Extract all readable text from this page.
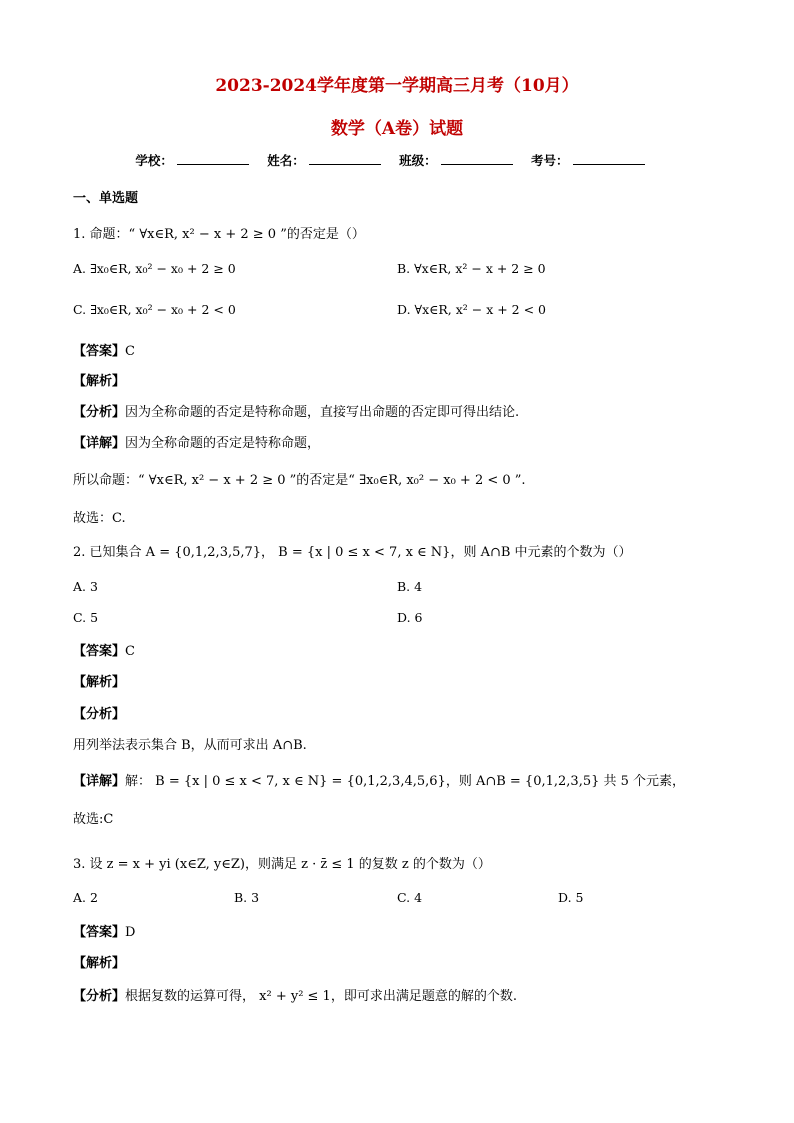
2023-2024学年度第一学期高三月考（10月）
数学（A卷）试题
学校：	姓名：	班级：	考号：
一、单选题
1. 命题：“ ∀x∈R, x² − x + 2 ≥ 0 ”的否定是（）
A. ∃x₀∈R, x₀² − x₀ + 2 ≥ 0	B. ∀x∈R, x² − x + 2 ≥ 0
C. ∃x₀∈R, x₀² − x₀ + 2 < 0	D. ∀x∈R, x² − x + 2 < 0
【答案】C
【解析】
【分析】因为全称命题的否定是特称命题，直接写出命题的否定即可得出结论.
【详解】因为全称命题的否定是特称命题，
所以命题：“ ∀x∈R, x² − x + 2 ≥ 0 ”的否定是“ ∃x₀∈R, x₀² − x₀ + 2 < 0 ”.
故选：C.
2. 已知集合 A = {0,1,2,3,5,7}， B = {x | 0 ≤ x < 7, x ∈ N}，则 A∩B 中元素的个数为（）
A. 3	B. 4
C. 5	D. 6
【答案】C
【解析】
【分析】
用列举法表示集合 B，从而可求出 A∩B.
【详解】解： B = {x | 0 ≤ x < 7, x ∈ N} = {0,1,2,3,4,5,6}，则 A∩B = {0,1,2,3,5} 共 5 个元素，
故选:C
3. 设 z = x + yi (x∈Z, y∈Z)，则满足 z · z̄ ≤ 1 的复数 z 的个数为（）
A. 2	B. 3	C. 4	D. 5
【答案】D
【解析】
【分析】根据复数的运算可得， x² + y² ≤ 1，即可求出满足题意的解的个数.
